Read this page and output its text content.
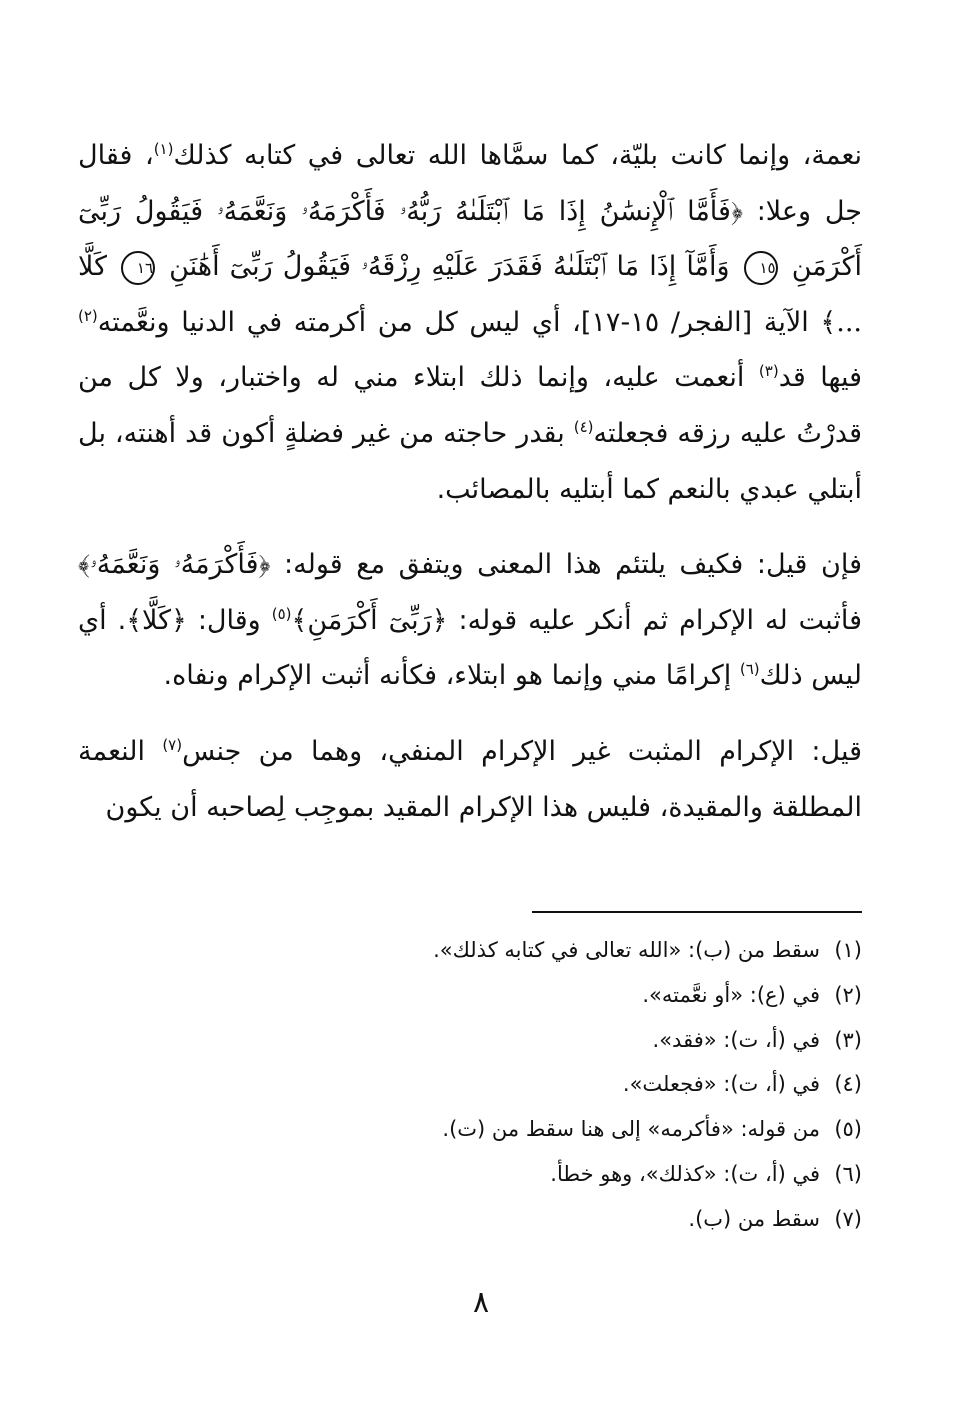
نعمة، وإنما كانت بليّة، كما سمَّاها الله تعالى في كتابه كذلك$^{(١)}$، فقال جل وعلا: ﴿فَأَمَّا ٱلْإِنسَٰنُ إِذَا مَا ٱبْتَلَىٰهُ رَبُّهُۥ فَأَكْرَمَهُۥ وَنَعَّمَهُۥ فَيَقُولُ رَبِّىٓ أَكْرَمَنِ ١٥ وَأَمَّآ إِذَا مَا ٱبْتَلَىٰهُ فَقَدَرَ عَلَيْهِ رِزْقَهُۥ فَيَقُولُ رَبِّىٓ أَهَٰنَنِ ١٦ كَلَّا ...﴾ الآية [الفجر/ ١٥-١٧]، أي ليس كل من أكرمته في الدنيا ونعَّمته$^{(٢)}$ فيها قد$^{(٣)}$ أنعمت عليه، وإنما ذلك ابتلاء مني له واختبار، ولا كل من قدرْتُ عليه رزقه فجعلته$^{(٤)}$ بقدر حاجته من غير فضلةٍ أكون قد أهنته، بل أبتلي عبدي بالنعم كما أبتليه بالمصائب.

فإن قيل: فكيف يلتئم هذا المعنى ويتفق مع قوله: ﴿فَأَكْرَمَهُۥ وَنَعَّمَهُۥ﴾ فأثبت له الإكرام ثم أنكر عليه قوله: ﴿رَبِّىٓ أَكْرَمَنِ﴾$^{(٥)}$ وقال: ﴿كَلَّا﴾. أي ليس ذلك$^{(٦)}$ إكرامًا مني وإنما هو ابتلاء، فكأنه أثبت الإكرام ونفاه.

قيل: الإكرام المثبت غير الإكرام المنفي، وهما من جنس$^{(٧)}$ النعمة المطلقة والمقيدة، فليس هذا الإكرام المقيد بموجِب لِصاحبه أن يكون

(١)سقط من (ب): «الله تعالى في كتابه كذلك».
(٢)في (ع): «أو نعَّمته».
(٣)في (أ، ت): «فقد».
(٤)في (أ، ت): «فجعلت».
(٥)من قوله: «فأكرمه» إلى هنا سقط من (ت).
(٦)في (أ، ت): «كذلك»، وهو خطأ.
(٧)سقط من (ب).
٨
